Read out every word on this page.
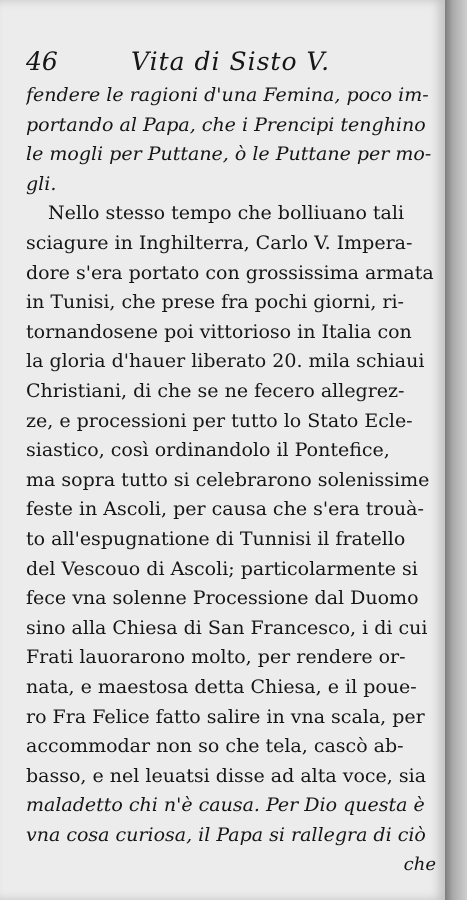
46	Vita di Sisto V.
fendere le ragioni d'una Femina, poco im-
portando al Papa, che i Prencipi tenghino
le mogli per Puttane, ò le Puttane per mo-
gli.
Nello stesso tempo che bolliuano tali
sciagure in Inghilterra, Carlo V. Impera-
dore s'era portato con grossissima armata
in Tunisi, che prese fra pochi giorni, ri-
tornandosene poi vittorioso in Italia con
la gloria d'hauer liberato 20. mila schiaui
Christiani, di che se ne fecero allegrez-
ze, e processioni per tutto lo Stato Ecle-
siastico, così ordinandolo il Pontefice,
ma sopra tutto si celebrarono solenissime
feste in Ascoli, per causa che s'era trouà-
to all'espugnatione di Tunnisi il fratello
del Vescouo di Ascoli; particolarmente si
fece vna solenne Processione dal Duomo
sino alla Chiesa di San Francesco, i di cui
Frati lauorarono molto, per rendere or-
nata, e maestosa detta Chiesa, e il poue-
ro Fra Felice fatto salire in vna scala, per
accommodar non so che tela, cascò ab-
basso, e nel leuatsi disse ad alta voce, sia
maladetto chi n'è causa. Per Dio questa è
vna cosa curiosa, il Papa si rallegra di ciò
che
